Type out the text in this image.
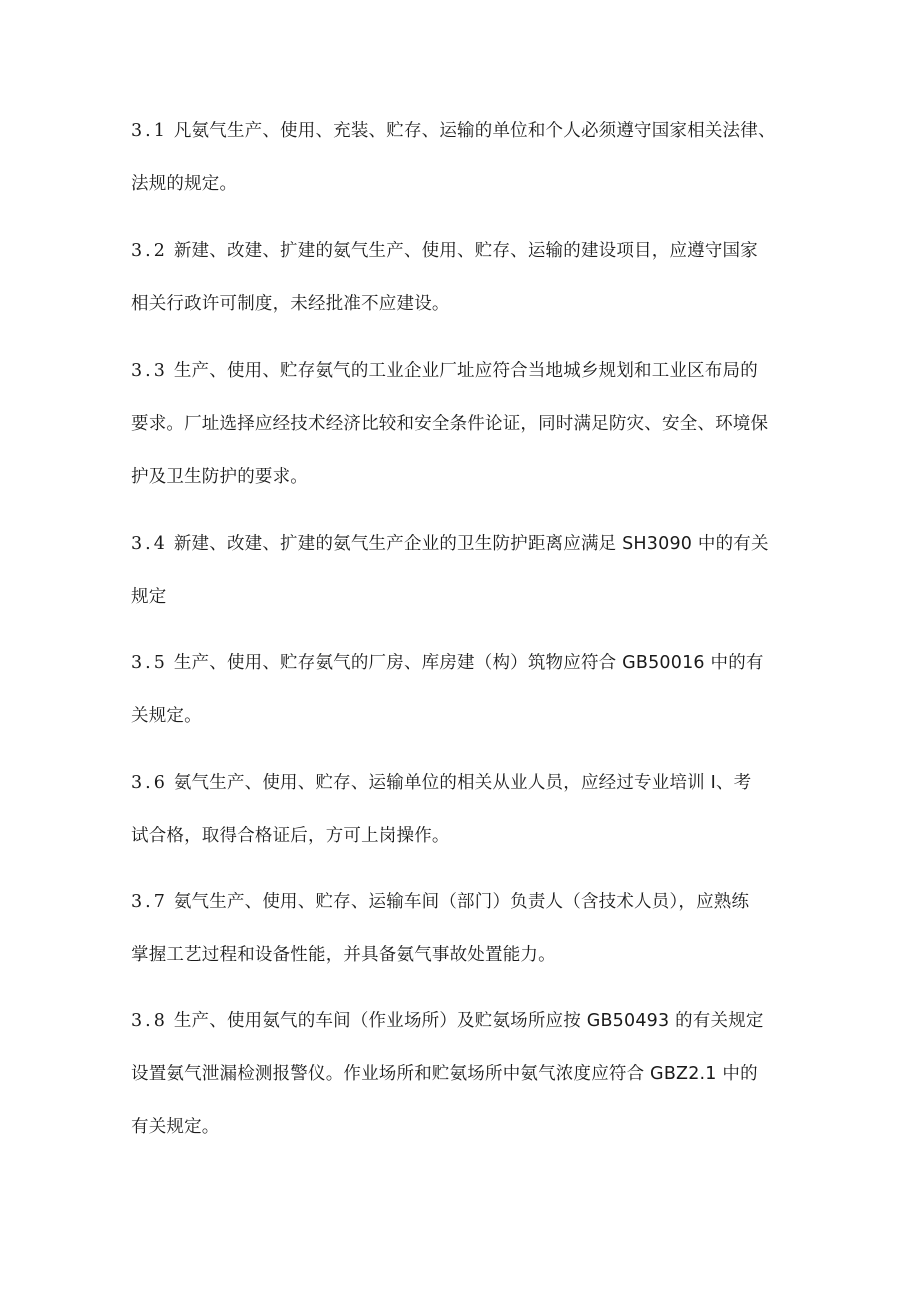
3.1 凡氨气生产、使用、充装、贮存、运输的单位和个人必须遵守国家相关法律、
法规的规定。
3.2 新建、改建、扩建的氨气生产、使用、贮存、运输的建设项目，应遵守国家
相关行政许可制度，未经批准不应建设。
3.3 生产、使用、贮存氨气的工业企业厂址应符合当地城乡规划和工业区布局的
要求。厂址选择应经技术经济比较和安全条件论证，同时满足防灾、安全、环境保
护及卫生防护的要求。
3.4 新建、改建、扩建的氨气生产企业的卫生防护距离应满足 SH3090 中的有关
规定
3.5 生产、使用、贮存氨气的厂房、库房建（构）筑物应符合 GB50016 中的有
关规定。
3.6 氨气生产、使用、贮存、运输单位的相关从业人员，应经过专业培训 I、考
试合格，取得合格证后，方可上岗操作。
3.7 氨气生产、使用、贮存、运输车间（部门）负责人（含技术人员），应熟练
掌握工艺过程和设备性能，并具备氨气事故处置能力。
3.8 生产、使用氨气的车间（作业场所）及贮氨场所应按 GB50493 的有关规定
设置氨气泄漏检测报警仪。作业场所和贮氨场所中氨气浓度应符合 GBZ2.1 中的
有关规定。
